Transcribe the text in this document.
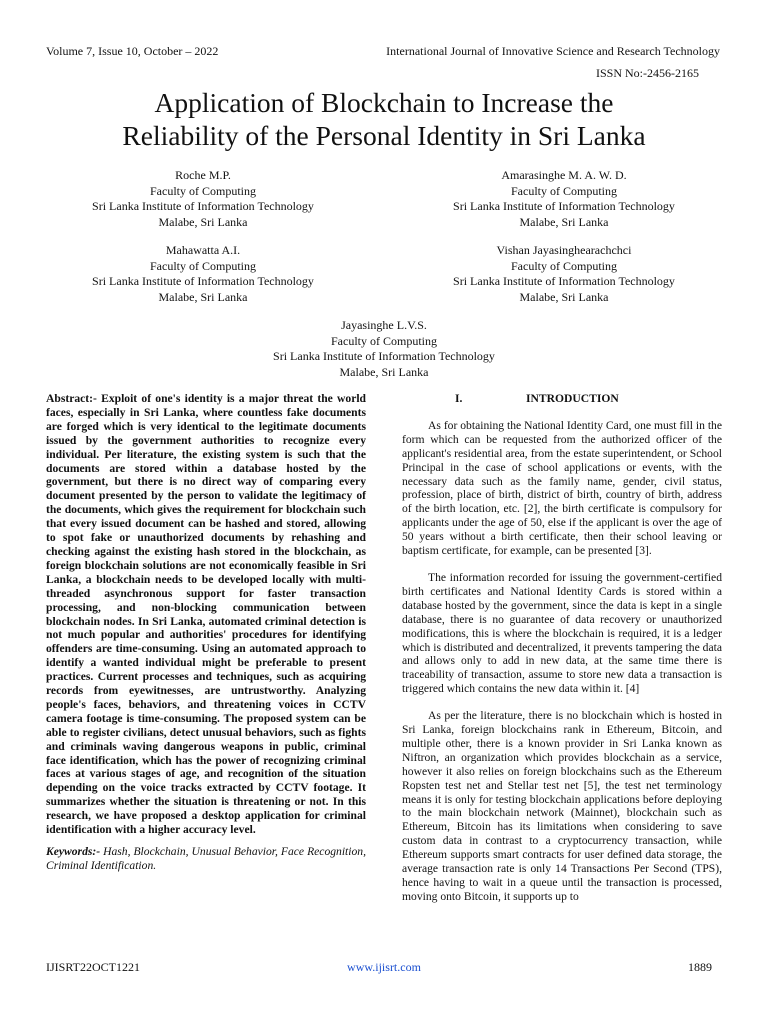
Volume 7, Issue 10, October – 2022	International Journal of Innovative Science and Research Technology
ISSN No:-2456-2165
Application of Blockchain to Increase the
Reliability of the Personal Identity in Sri Lanka
Roche M.P.
Faculty of Computing
Sri Lanka Institute of Information Technology
Malabe, Sri Lanka
Amarasinghe M. A. W. D.
Faculty of Computing
Sri Lanka Institute of Information Technology
Malabe, Sri Lanka
Mahawatta A.I.
Faculty of Computing
Sri Lanka Institute of Information Technology
Malabe, Sri Lanka
Vishan Jayasinghearachchci
Faculty of Computing
Sri Lanka Institute of Information Technology
Malabe, Sri Lanka
Jayasinghe L.V.S.
Faculty of Computing
Sri Lanka Institute of Information Technology
Malabe, Sri Lanka

Abstract:- Exploit of one's identity is a major threat the world faces, especially in Sri Lanka, where countless fake documents are forged which is very identical to the legitimate documents issued by the government authorities to recognize every individual. Per literature, the existing system is such that the documents are stored within a database hosted by the government, but there is no direct way of comparing every document presented by the person to validate the legitimacy of the documents, which gives the requirement for blockchain such that every issued document can be hashed and stored, allowing to spot fake or unauthorized documents by rehashing and checking against the existing hash stored in the blockchain, as foreign blockchain solutions are not economically feasible in Sri Lanka, a blockchain needs to be developed locally with multi-threaded asynchronous support for faster transaction processing, and non-blocking communication between blockchain nodes. In Sri Lanka, automated criminal detection is not much popular and authorities' procedures for identifying offenders are time-consuming. Using an automated approach to identify a wanted individual might be preferable to present practices. Current processes and techniques, such as acquiring records from eyewitnesses, are untrustworthy. Analyzing people's faces, behaviors, and threatening voices in CCTV camera footage is time-consuming. The proposed system can be able to register civilians, detect unusual behaviors, such as fights and criminals waving dangerous weapons in public, criminal face identification, which has the power of recognizing criminal faces at various stages of age, and recognition of the situation depending on the voice tracks extracted by CCTV footage. It summarizes whether the situation is threatening or not. In this research, we have proposed a desktop application for criminal identification with a higher accuracy level.

Keywords:- Hash, Blockchain, Unusual Behavior, Face Recognition, Criminal Identification.
I.	INTRODUCTION

As for obtaining the National Identity Card, one must fill in the form which can be requested from the authorized officer of the applicant's residential area, from the estate superintendent, or School Principal in the case of school applications or events, with the necessary data such as the family name, gender, civil status, profession, place of birth, district of birth, country of birth, address of the birth location, etc. [2], the birth certificate is compulsory for applicants under the age of 50, else if the applicant is over the age of 50 years without a birth certificate, then their school leaving or baptism certificate, for example, can be presented [3].

The information recorded for issuing the government-certified birth certificates and National Identity Cards is stored within a database hosted by the government, since the data is kept in a single database, there is no guarantee of data recovery or unauthorized modifications, this is where the blockchain is required, it is a ledger which is distributed and decentralized, it prevents tampering the data and allows only to add in new data, at the same time there is traceability of transaction, assume to store new data a transaction is triggered which contains the new data within it. [4]

As per the literature, there is no blockchain which is hosted in Sri Lanka, foreign blockchains rank in Ethereum, Bitcoin, and multiple other, there is a known provider in Sri Lanka known as Niftron, an organization which provides blockchain as a service, however it also relies on foreign blockchains such as the Ethereum Ropsten test net and Stellar test net [5], the test net terminology means it is only for testing blockchain applications before deploying to the main blockchain network (Mainnet), blockchain such as Ethereum, Bitcoin has its limitations when considering to save custom data in contrast to a cryptocurrency transaction, while Ethereum supports smart contracts for user defined data storage, the average transaction rate is only 14 Transactions Per Second (TPS), hence having to wait in a queue until the transaction is processed, moving onto Bitcoin, it supports up to

IJISRT22OCT1221	www.ijisrt.com	1889
